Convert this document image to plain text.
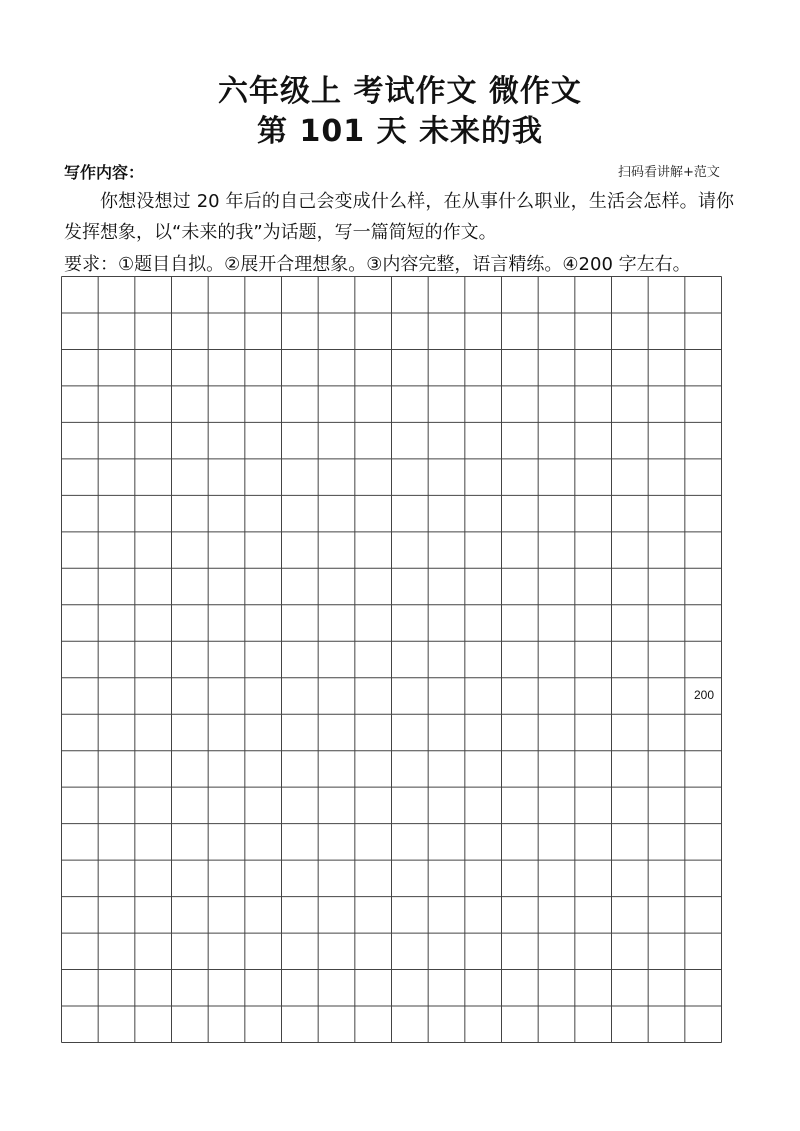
六年级上 考试作文 微作文
第 101 天 未来的我
写作内容：	扫码看讲解+范文
你想没想过 20 年后的自己会变成什么样，在从事什么职业，生活会怎样。请你发挥想象，以“未来的我”为话题，写一篇简短的作文。
要求：①题目自拟。②展开合理想象。③内容完整，语言精练。④200 字左右。
200
